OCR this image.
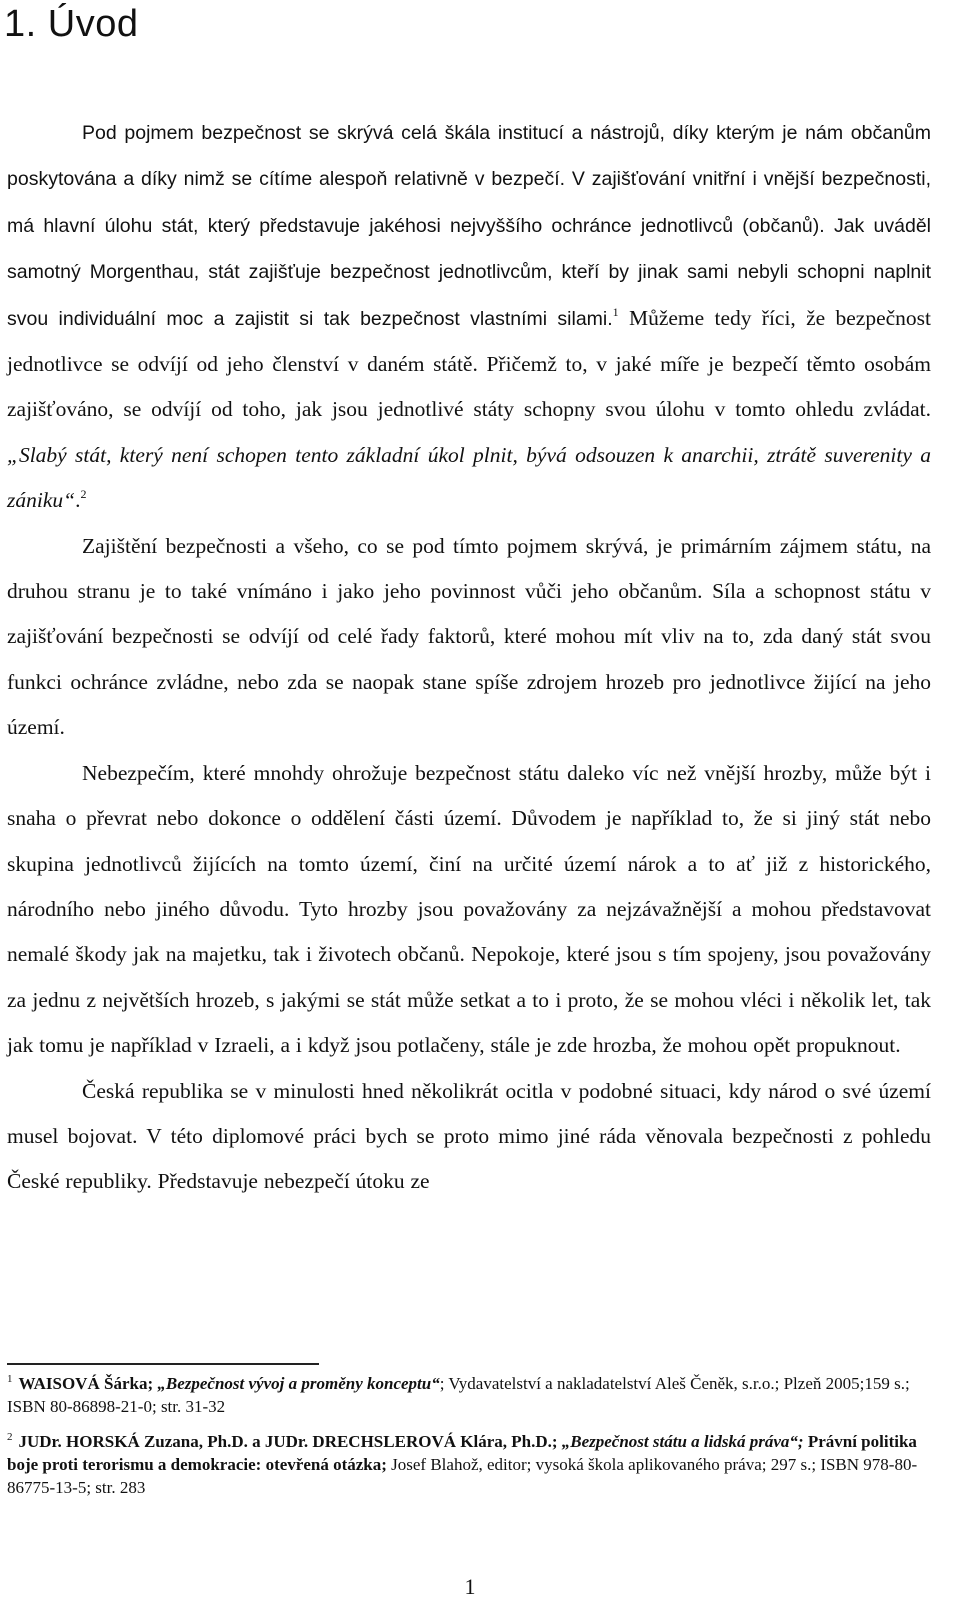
1. Úvod

Pod pojmem bezpečnost se skrývá celá škála institucí a nástrojů, díky kterým je nám občanům poskytována a díky nimž se cítíme alespoň relativně v bezpečí. V zajišťování vnitřní i vnější bezpečnosti, má hlavní úlohu stát, který představuje jakéhosi nejvyššího ochránce jednotlivců (občanů). Jak uváděl samotný Morgenthau, stát zajišťuje bezpečnost jednotlivcům, kteří by jinak sami nebyli schopni naplnit svou individuální moc a zajistit si tak bezpečnost vlastními silami.$^1$ Můžeme tedy říci, že bezpečnost jednotlivce se odvíjí od jeho členství v daném státě. Přičemž to, v jaké míře je bezpečí těmto osobám zajišťováno, se odvíjí od toho, jak jsou jednotlivé státy schopny svou úlohu v tomto ohledu zvládat. „Slabý stát, který není schopen tento základní úkol plnit, bývá odsouzen k anarchii, ztrátě suverenity a zániku“.$^2$

Zajištění bezpečnosti a všeho, co se pod tímto pojmem skrývá, je primárním zájmem státu, na druhou stranu je to také vnímáno i jako jeho povinnost vůči jeho občanům. Síla a schopnost státu v zajišťování bezpečnosti se odvíjí od celé řady faktorů, které mohou mít vliv na to, zda daný stát svou funkci ochránce zvládne, nebo zda se naopak stane spíše zdrojem hrozeb pro jednotlivce žijící na jeho území.

Nebezpečím, které mnohdy ohrožuje bezpečnost státu daleko víc než vnější hrozby, může být i snaha o převrat nebo dokonce o oddělení části území. Důvodem je například to, že si jiný stát nebo skupina jednotlivců žijících na tomto území, činí na určité území nárok a to ať již z historického, národního nebo jiného důvodu. Tyto hrozby jsou považovány za nejzávažnější a mohou představovat nemalé škody jak na majetku, tak i životech občanů. Nepokoje, které jsou s tím spojeny, jsou považovány za jednu z největších hrozeb, s jakými se stát může setkat a to i proto, že se mohou vléci i několik let, tak jak tomu je například v Izraeli, a i když jsou potlačeny, stále je zde hrozba, že mohou opět propuknout.

Česká republika se v minulosti hned několikrát ocitla v podobné situaci, kdy národ o své území musel bojovat. V této diplomové práci bych se proto mimo jiné ráda věnovala bezpečnosti z pohledu České republiky. Představuje nebezpečí útoku ze

$^1$ WAISOVÁ Šárka; „Bezpečnost vývoj a proměny konceptu“; Vydavatelství a nakladatelství Aleš Čeněk, s.r.o.; Plzeň 2005;159 s.; ISBN 80-86898-21-0; str. 31-32

$^2$ JUDr. HORSKÁ Zuzana, Ph.D. a JUDr. DRECHSLEROVÁ Klára, Ph.D.; „Bezpečnost státu a lidská práva“; Právní politika boje proti terorismu a demokracie: otevřená otázka; Josef Blahož, editor; vysoká škola aplikovaného práva; 297 s.; ISBN 978-80-86775-13-5; str. 283

1
